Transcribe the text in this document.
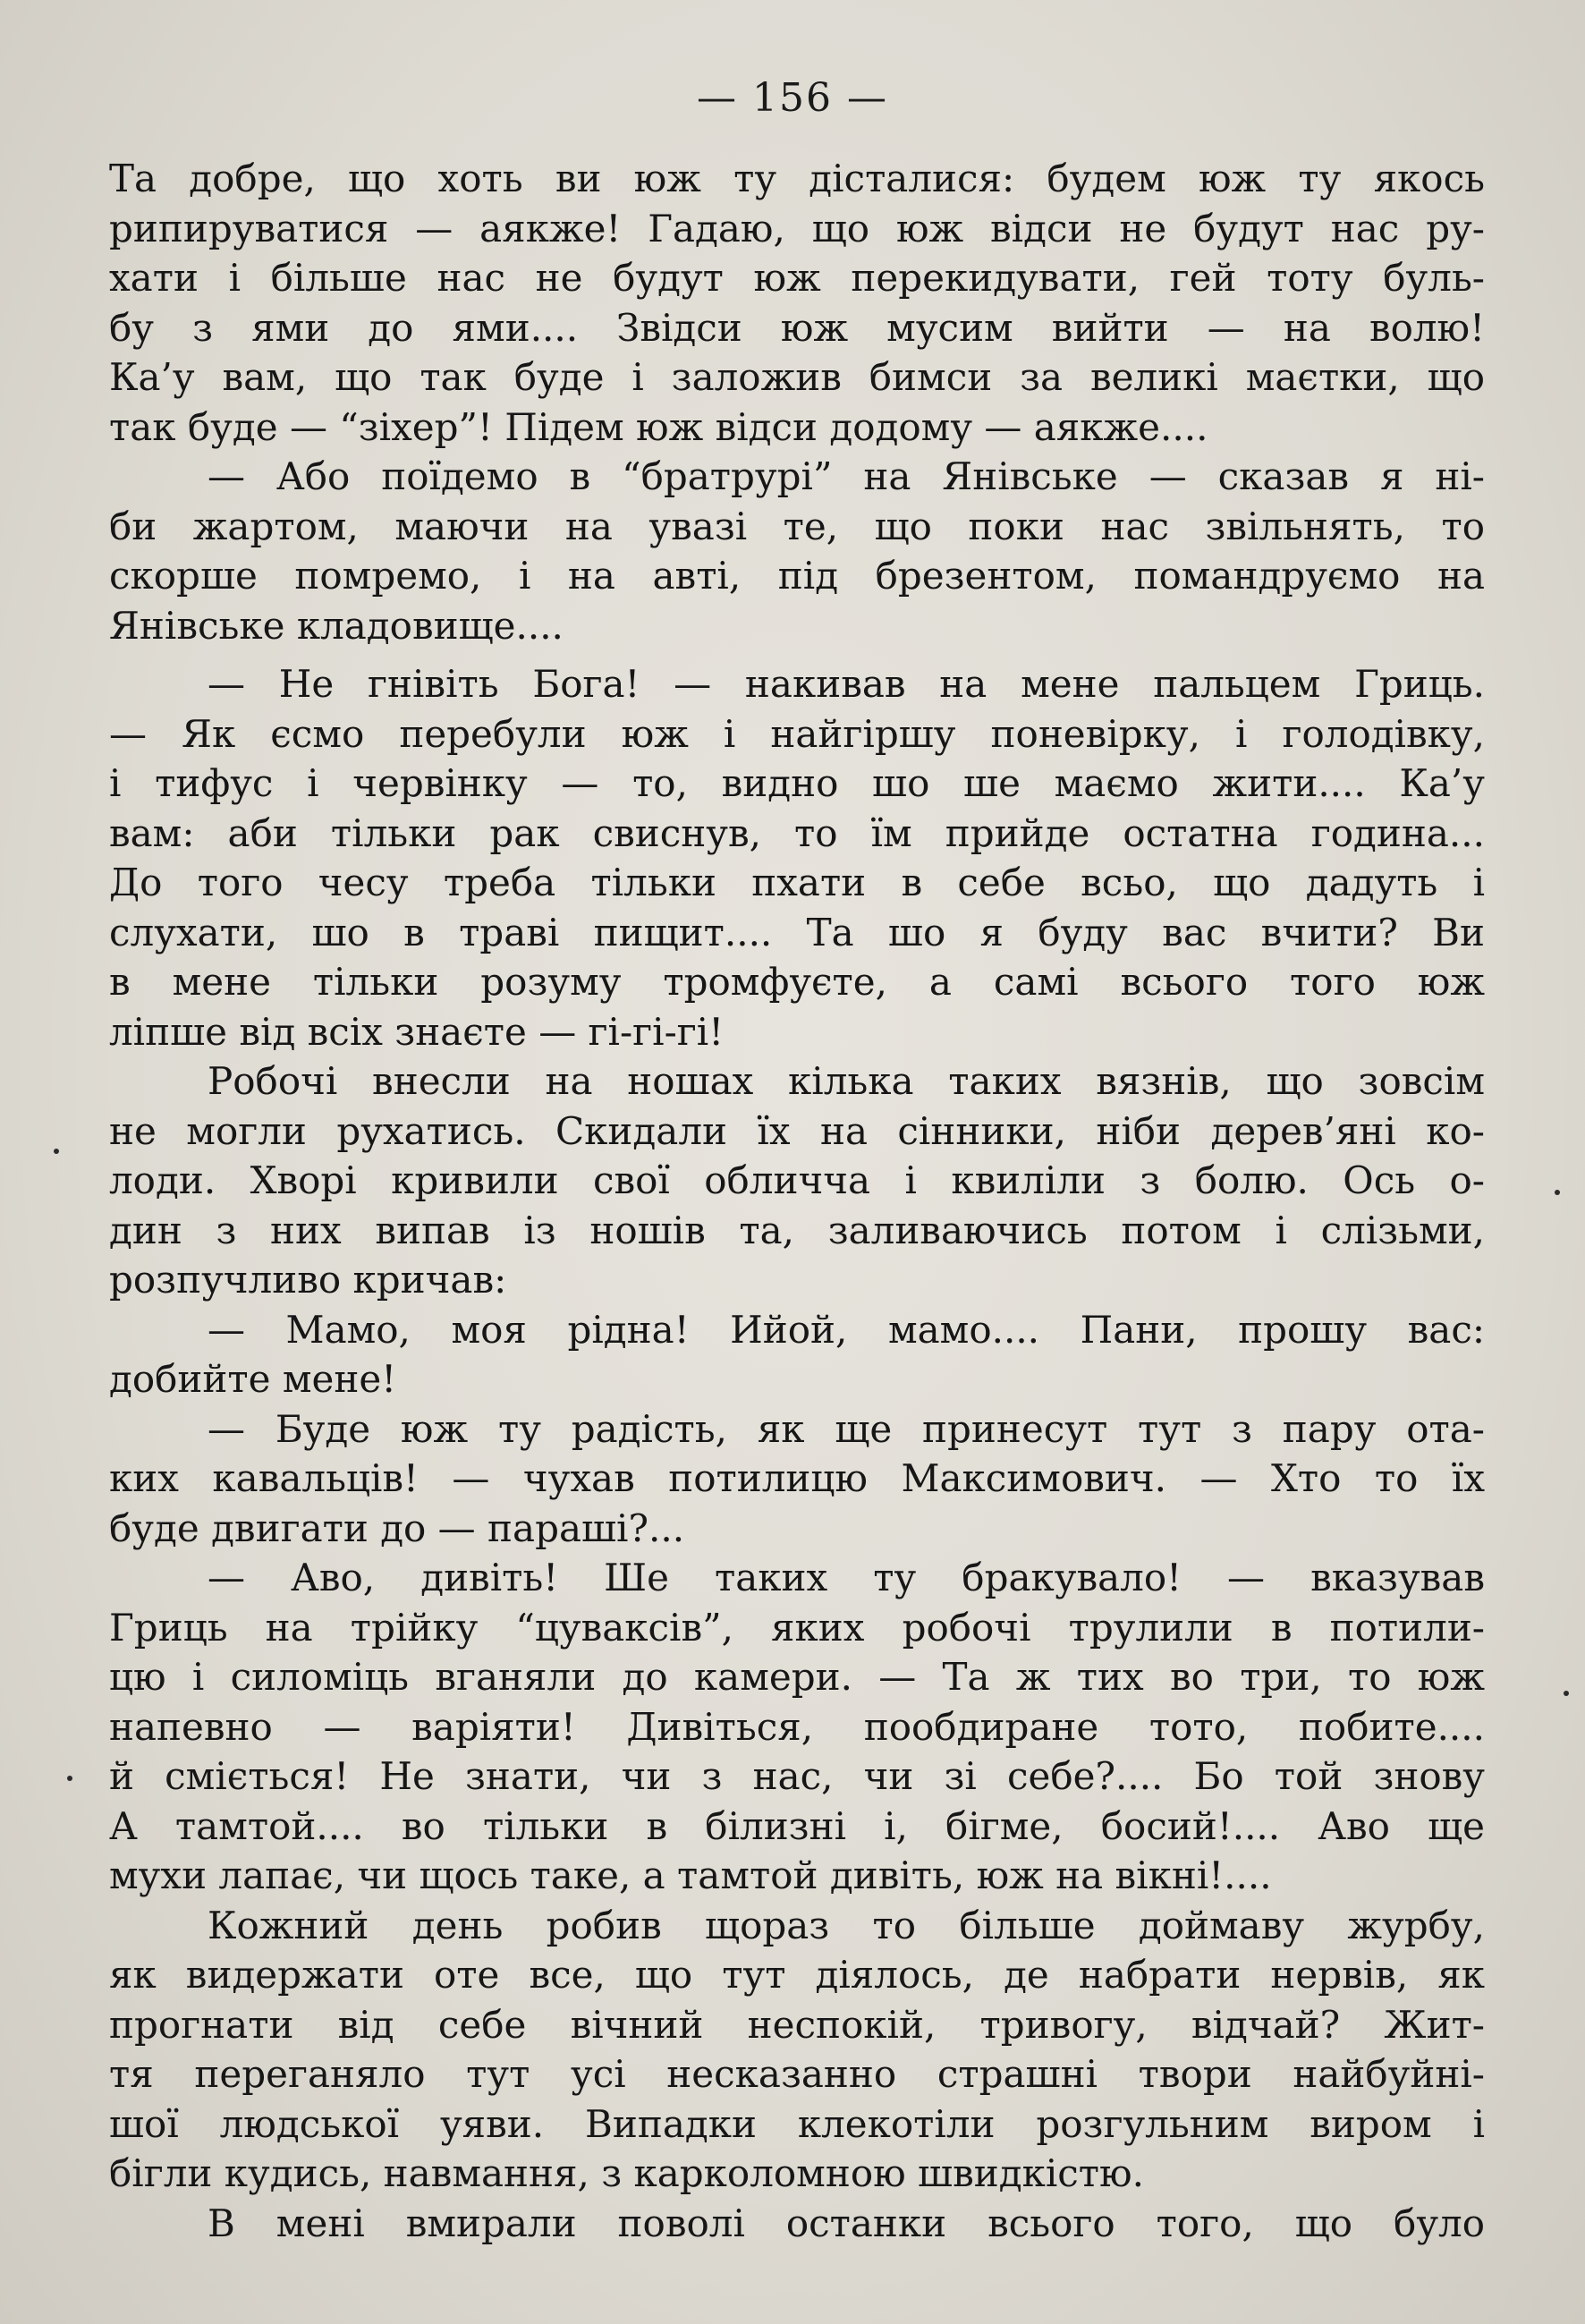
— 156 —
Та добре, що хоть ви юж ту дісталися: будем юж ту якось
рипируватися — аякже! Гадаю, що юж відси не будут нас ру-
хати і більше нас не будут юж перекидувати, гей тоту буль-
бу з ями до ями.... Звідси юж мусим вийти — на волю!
Ка’у вам, що так буде і заложив бимси за великі маєтки, що
так буде — “зіхер”! Підем юж відси додому — аякже....
— Або поїдемо в “братрурі” на Янівське — сказав я ні-
би жартом, маючи на увазі те, що поки нас звільнять, то
скорше помремо, і на авті, під брезентом, помандруємо на
Янівське кладовище....
— Не гнівіть Бога! — накивав на мене пальцем Гриць.
— Як єсмо перебули юж і найгіршу поневірку, і голодівку,
і тифус і червінку — то, видно шо ше маємо жити.... Ка’у
вам: аби тільки рак свиснув, то їм прийде остатна година...
До того чесу треба тільки пхати в себе всьо, що дадуть і
слухати, шо в траві пищит.... Та шо я буду вас вчити? Ви
в мене тільки розуму тромфуєте, а самі всього того юж
ліпше від всіх знаєте — гі-гі-гі!
Робочі внесли на ношах кілька таких вязнів, що зовсім
не могли рухатись. Скидали їх на сінники, ніби дерев’яні ко-
лоди. Хворі кривили свої обличча і квиліли з болю. Ось о-
дин з них випав із ношів та, заливаючись потом і слізьми,
розпучливо кричав:
— Мамо, моя рідна! Ийой, мамо.... Пани, прошу вас:
добийте мене!
— Буде юж ту радість, як ще принесут тут з пару ота-
ких кавальців! — чухав потилицю Максимович. — Хто то їх
буде двигати до — параші?...
— Аво, дивіть! Ше таких ту бракувало! — вказував
Гриць на трійку “цуваксів”, яких робочі трулили в потили-
цю і силоміць вганяли до камери. — Та ж тих во три, то юж
напевно — варіяти! Дивіться, пообдиране тото, побите....
й сміється! Не знати, чи з нас, чи зі себе?.... Бо той знову
А тамтой.... во тільки в білизні і, бігме, босий!.... Аво ще
мухи лапає, чи щось таке, а тамтой дивіть, юж на вікні!....
Кожний день робив щораз то більше доймаву журбу,
як видержати оте все, що тут діялось, де набрати нервів, як
прогнати від себе вічний неспокій, тривогу, відчай? Жит-
тя переганяло тут усі несказанно страшні твори найбуйні-
шої людської уяви. Випадки клекотіли розгульним виром і
бігли кудись, навмання, з карколомною швидкістю.
В мені вмирали поволі останки всього того, що було
